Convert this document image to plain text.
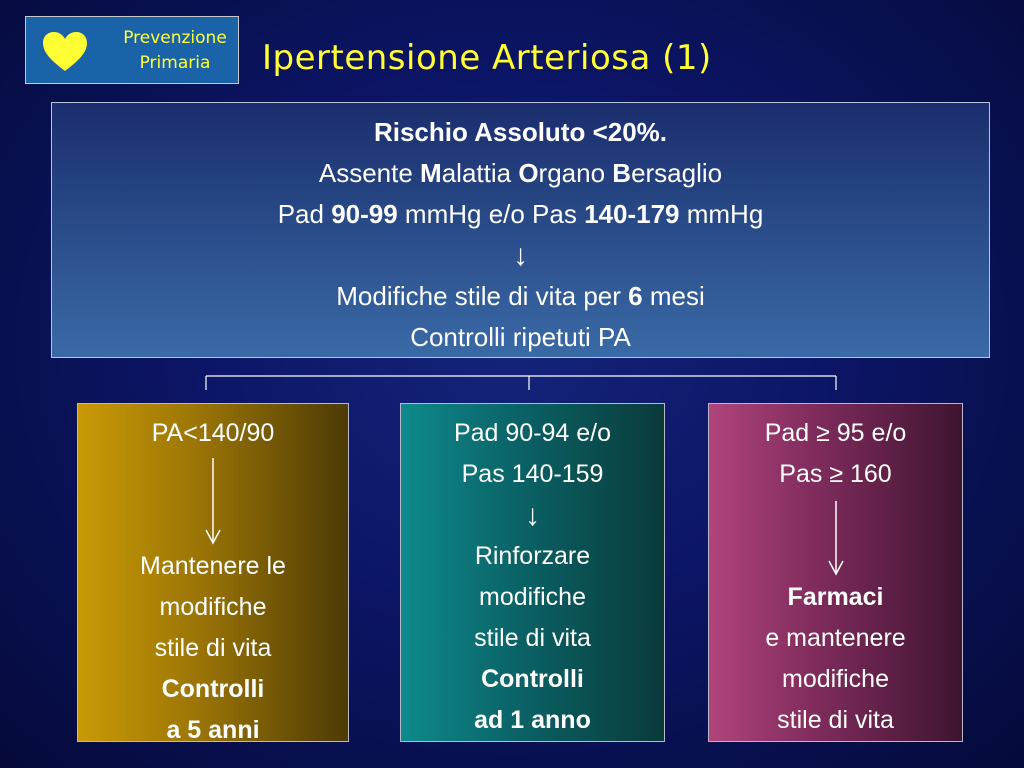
Prevenzione
Primaria	Ipertensione Arteriosa (1)
Rischio Assoluto <20%.
Assente Malattia Organo Bersaglio
Pad 90-99 mmHg e/o Pas 140-179 mmHg
↓
Modifiche stile di vita per 6 mesi
Controlli ripetuti PA
PA<140/90
Mantenere le
modifiche
stile di vita
Controlli
a 5 anni
Pad 90-94 e/o
Pas 140-159
↓
Rinforzare
modifiche
stile di vita
Controlli
ad 1 anno
Pad ≥ 95 e/o
Pas ≥ 160
Farmaci
e mantenere
modifiche
stile di vita
